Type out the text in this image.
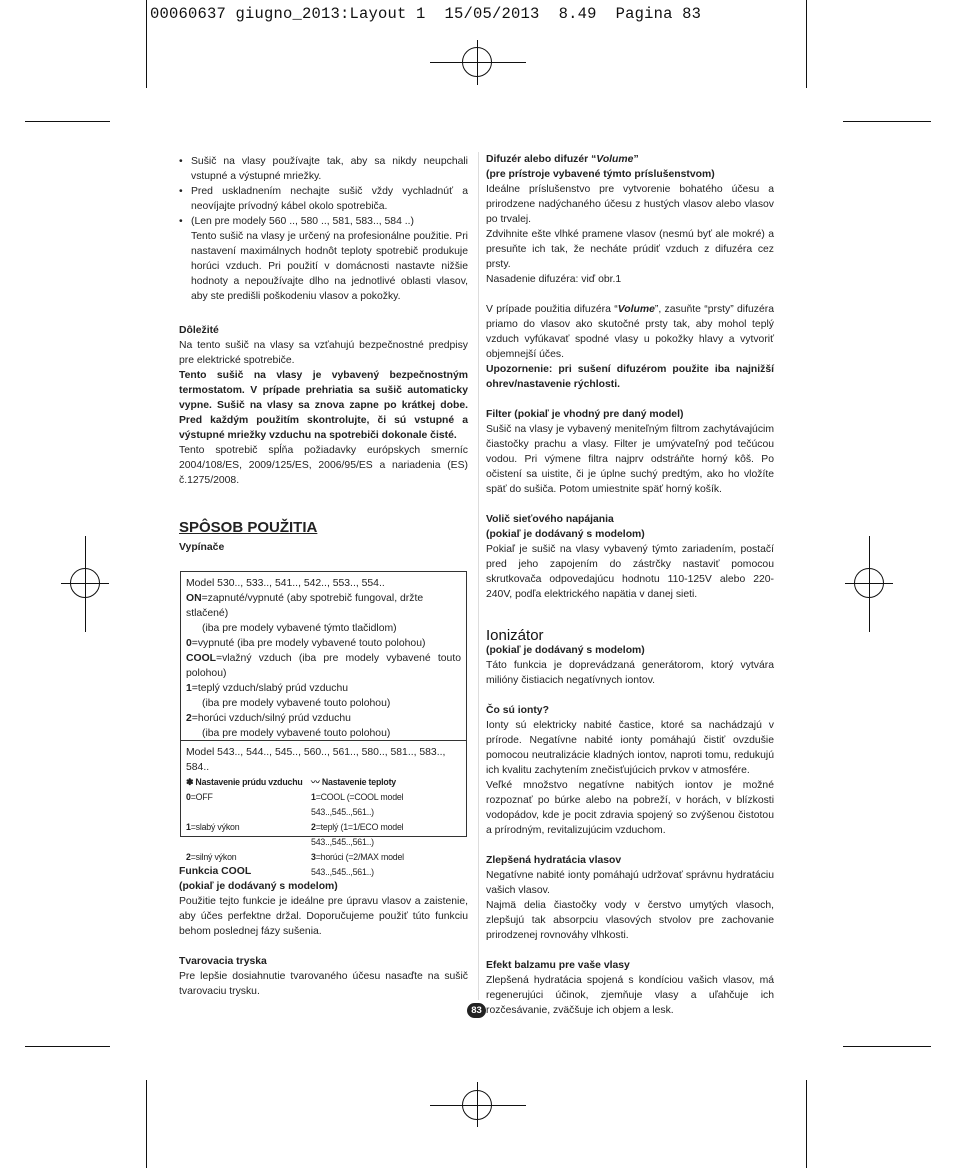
00060637 giugno_2013:Layout 1  15/05/2013  8.49  Pagina 83
• Sušič na vlasy používajte tak, aby sa nikdy neupchali vstupné a výstupné mriežky.
• Pred uskladnením nechajte sušič vždy vychladnúť a neovíjajte prívodný kábel okolo spotrebiča.
• (Len pre modely 560 .., 580 .., 581, 583.., 584 ..)

Tento sušič na vlasy je určený na profesionálne použitie. Pri nastavení maximálnych hodnôt teploty spotrebič produkuje horúci vzduch. Pri použití v domácnosti nastavte nižšie hodnoty a nepoužívajte dlho na jednotlivé oblasti vlasov, aby ste predišli poškodeniu vlasov a pokožky.

Dôležité

Na tento sušič na vlasy sa vzťahujú bezpečnostné predpisy pre elektrické spotrebiče.

Tento sušič na vlasy je vybavený bezpečnostným termostatom. V prípade prehriatia sa sušič automaticky vypne. Sušič na vlasy sa znova zapne po krátkej dobe. Pred každým použitím skontrolujte, či sú vstupné a výstupné mriežky vzduchu na spotrebiči dokonale čisté.

Tento spotrebič spĺňa požiadavky európskych smerníc 2004/108/ES, 2009/125/ES, 2006/95/ES a nariadenia (ES) č.1275/2008.

SPÔSOB POUŽITIA

Vypínače

Model 530.., 533.., 541.., 542.., 553.., 554..
ON=zapnuté/vypnuté (aby spotrebič fungoval, držte stlačené)
(iba pre modely vybavené týmto tlačidlom)
0=vypnuté (iba pre modely vybavené touto polohou)
COOL=vlažný vzduch (iba pre modely vybavené touto polohou)
1=teplý vzduch/slabý prúd vzduchu
(iba pre modely vybavené touto polohou)
2=horúci vzduch/silný prúd vzduchu
(iba pre modely vybavené touto polohou)
Model 543.., 544.., 545.., 560.., 561.., 580.., 581.., 583.., 584..
✽ Nastavenie prúdu vzduchu 〰 Nastavenie teploty
0=OFF	1=COOL (=COOL model 543..,545..,561..)
1=slabý výkon	2=teplý (1=1/ECO model 543..,545..,561..)
2=silný výkon	3=horúci (=2/MAX model 543..,545..,561..)

Funkcia COOL

(pokiaľ je dodávaný s modelom)

Použitie tejto funkcie je ideálne pre úpravu vlasov a zaistenie, aby účes perfektne držal. Doporučujeme použiť túto funkciu behom poslednej fázy sušenia.

Tvarovacia tryska

Pre lepšie dosiahnutie tvarovaného účesu nasaďte na sušič tvarovaciu trysku.

Difuzér alebo difuzér “Volume”

(pre prístroje vybavené týmto príslušenstvom)

Ideálne príslušenstvo pre vytvorenie bohatého účesu a prirodzene nadýchaného účesu z hustých vlasov alebo vlasov po trvalej.

Zdvihnite ešte vlhké pramene vlasov (nesmú byť ale mokré) a presuňte ich tak, že necháte prúdiť vzduch z difuzéra cez prsty.

Nasadenie difuzéra: viď obr.1

V prípade použitia difuzéra “Volume”, zasuňte “prsty” difuzéra priamo do vlasov ako skutočné prsty tak, aby mohol teplý vzduch vyfúkavať spodné vlasy u pokožky hlavy a vytvoriť objemnejší účes.

Upozornenie: pri sušení difuzérom použite iba najnižší ohrev/nastavenie rýchlosti.

Filter (pokiaľ je vhodný pre daný model)

Sušič na vlasy je vybavený meniteľným filtrom zachytávajúcim čiastočky prachu a vlasy. Filter je umývateľný pod tečúcou vodou. Pri výmene filtra najprv odstráňte horný kôš. Po očistení sa uistite, či je úplne suchý predtým, ako ho vložíte späť do sušiča. Potom umiestnite späť horný košík.

Volič sieťového napájania

(pokiaľ je dodávaný s modelom)

Pokiaľ je sušič na vlasy vybavený týmto zariadením, postačí pred jeho zapojením do zástrčky nastaviť pomocou skrutkovača odpovedajúcu hodnotu 110-125V alebo 220-240V, podľa elektrického napätia v danej sieti.

Ionizátor

(pokiaľ je dodávaný s modelom)

Táto funkcia je doprevádzaná generátorom, ktorý vytvára milióny čistiacich negatívnych iontov.

Čo sú ionty?

Ionty sú elektricky nabité častice, ktoré sa nachádzajú v prírode. Negatívne nabité ionty pomáhajú čistiť ovzdušie pomocou neutralizácie kladných iontov, naproti tomu, redukujú ich kvalitu zachytením znečisťujúcich prvkov v atmosfére.

Veľké množstvo negatívne nabitých iontov je možné rozpoznať po búrke alebo na pobreží, v horách, v blízkosti vodopádov, kde je pocit zdravia spojený so zvýšenou čistotou a prírodným, revitalizujúcim vzduchom.

Zlepšená hydratácia vlasov

Negatívne nabité ionty pomáhajú udržovať správnu hydratáciu vašich vlasov.

Najmä delia čiastočky vody v čerstvo umytých vlasoch, zlepšujú tak absorpciu vlasových stvolov pre zachovanie prirodzenej rovnováhy vlhkosti.

Efekt balzamu pre vaše vlasy

Zlepšená hydratácia spojená s kondíciou vašich vlasov, má regenerujúci účinok, zjemňuje vlasy a uľahčuje ich rozčesávanie, zväčšuje ich objem a lesk.

83
